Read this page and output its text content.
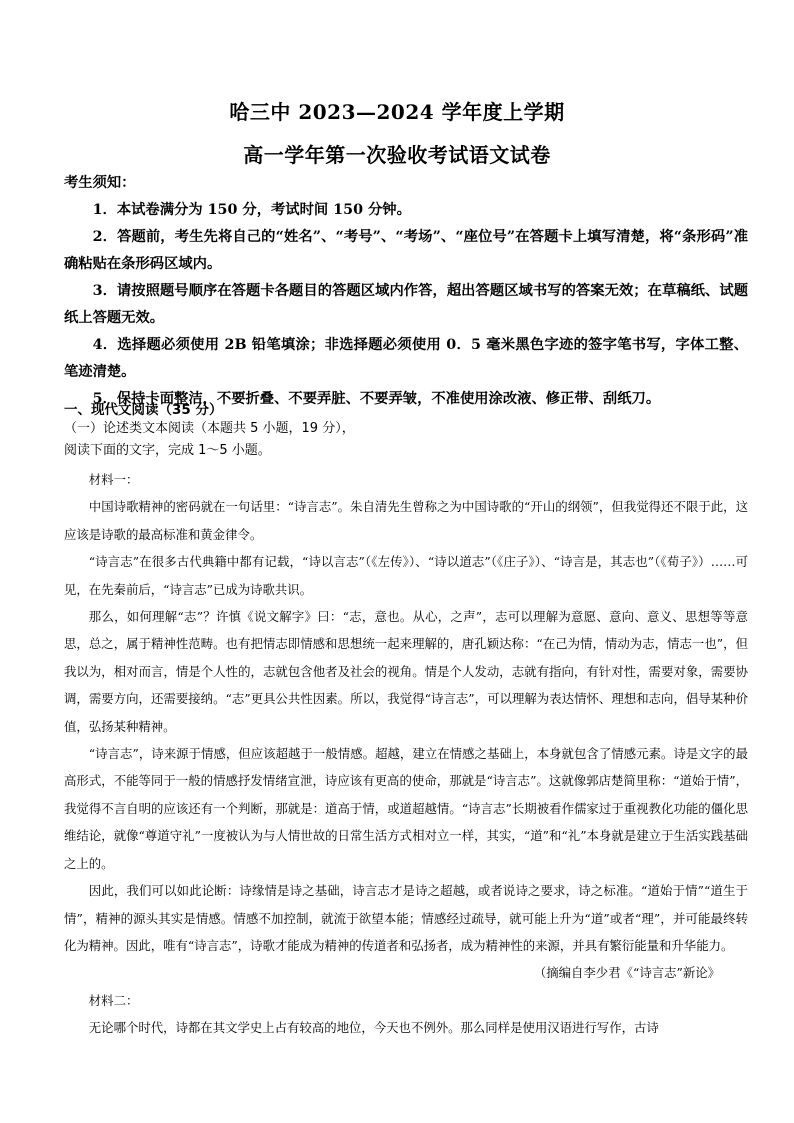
哈三中 2023—2024 学年度上学期
高一学年第一次验收考试语文试卷

考生须知：

1．本试卷满分为 150 分，考试时间 150 分钟。

2．答题前，考生先将自己的“姓名”、“考号”、“考场”、“座位号”在答题卡上填写清楚，将“条形码”准确粘贴在条形码区域内。

3．请按照题号顺序在答题卡各题目的答题区域内作答，超出答题区域书写的答案无效；在草稿纸、试题纸上答题无效。

4．选择题必须使用 2B 铅笔填涂；非选择题必须使用 0．5 毫米黑色字迹的签字笔书写，字体工整、笔迹清楚。

5．保持卡面整洁，不要折叠、不要弄脏、不要弄皱，不准使用涂改液、修正带、刮纸刀。

一、现代文阅读（35 分）

（一）论述类文本阅读（本题共 5 小题，19 分），

阅读下面的文字，完成 1～5 小题。

材料一：

中国诗歌精神的密码就在一句话里：“诗言志”。朱自清先生曾称之为中国诗歌的“开山的纲领”，但我觉得还不限于此，这应该是诗歌的最高标准和黄金律令。

“诗言志”在很多古代典籍中都有记载，“诗以言志”（《左传》）、“诗以道志”（《庄子》）、“诗言是，其志也”（《荀子》）……可见，在先秦前后，“诗言志”已成为诗歌共识。

那么，如何理解“志”？许慎《说文解字》曰：“志，意也。从心，之声”，志可以理解为意愿、意向、意义、思想等等意思，总之，属于精神性范畴。也有把情志即情感和思想统一起来理解的，唐孔颖达称：“在己为情，情动为志，情志一也”，但我以为，相对而言，情是个人性的，志就包含他者及社会的视角。情是个人发动，志就有指向，有针对性，需要对象，需要协调，需要方向，还需要接纳。“志”更具公共性因素。所以，我觉得“诗言志”，可以理解为表达情怀、理想和志向，倡导某种价值，弘扬某种精神。

“诗言志”，诗来源于情感，但应该超越于一般情感。超越，建立在情感之基础上，本身就包含了情感元素。诗是文字的最高形式，不能等同于一般的情感抒发情绪宣泄，诗应该有更高的使命，那就是“诗言志”。这就像郭店楚简里称：“道始于情”，我觉得不言自明的应该还有一个判断，那就是：道高于情，或道超越情。“诗言志”长期被看作儒家过于重视教化功能的僵化思维结论，就像“尊道守礼”一度被认为与人情世故的日常生活方式相对立一样，其实，“道”和“礼”本身就是建立于生活实践基础之上的。

因此，我们可以如此论断：诗缘情是诗之基础，诗言志才是诗之超越，或者说诗之要求，诗之标准。“道始于情”“道生于情”，精神的源头其实是情感。情感不加控制，就流于欲望本能；情感经过疏导，就可能上升为“道”或者“理”，并可能最终转化为精神。因此，唯有“诗言志”，诗歌才能成为精神的传道者和弘扬者，成为精神性的来源，并具有繁衍能量和升华能力。

（摘编自李少君《“诗言志”新论》

材料二：

无论哪个时代，诗都在其文学史上占有较高的地位，今天也不例外。那么同样是使用汉语进行写作，古诗
